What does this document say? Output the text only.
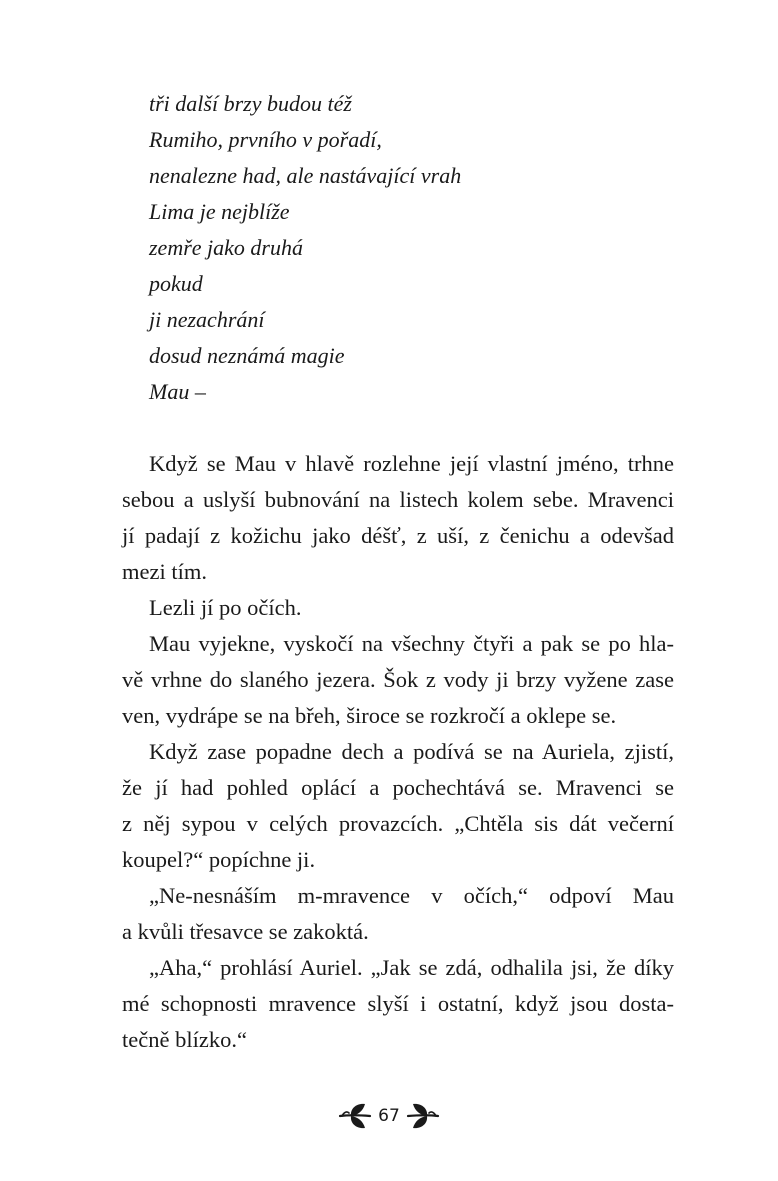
tři další brzy budou též
Rumiho, prvního v pořadí,
nenalezne had, ale nastávající vrah
Lima je nejblíže
zemře jako druhá
pokud
ji nezachrání
dosud neznámá magie
Mau –
Když se Mau v hlavě rozlehne její vlastní jméno, trhne
sebou a uslyší bubnování na listech kolem sebe. Mravenci
jí padají z kožichu jako déšť, z uší, z čenichu a odevšad
mezi tím.
Lezli jí po očích.
Mau vyjekne, vyskočí na všechny čtyři a pak se po hla-
vě vrhne do slaného jezera. Šok z vody ji brzy vyžene zase
ven, vydrápe se na břeh, široce se rozkročí a oklepe se.
Když zase popadne dech a podívá se na Auriela, zjistí,
že jí had pohled oplácí a pochechtává se. Mravenci se
z něj sypou v celých provazcích. „Chtěla sis dát večerní
koupel?“ popíchne ji.
„Ne-nesnáším m-mravence v očích,“ odpoví Mau
a kvůli třesavce se zakoktá.
„Aha,“ prohlásí Auriel. „Jak se zdá, odhalila jsi, že díky
mé schopnosti mravence slyší i ostatní, když jsou dosta-
tečně blízko.“
67
